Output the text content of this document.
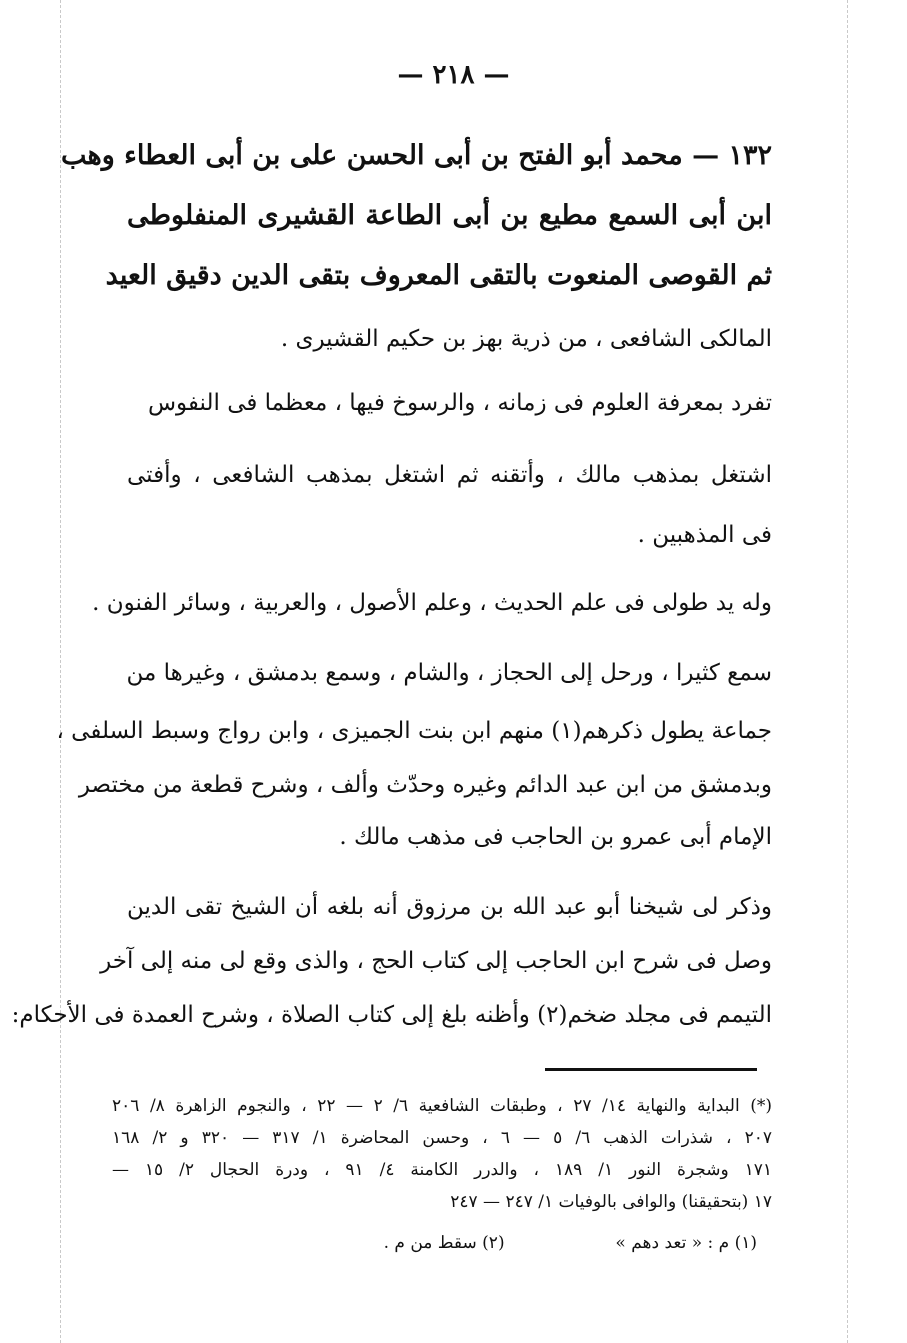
— ٢١٨ —
١٣٢ — محمد أبو الفتح بن أبى الحسن على بن أبى العطاء وهب
ابن أبى السمع مطيع بن أبى الطاعة القشيرى المنفلوطى
ثم القوصى المنعوت بالتقى المعروف بتقى الدين دقيق العيد
المالكى الشافعى ، من ذرية بهز بن حكيم القشيرى .
تفرد بمعرفة العلوم فى زمانه ، والرسوخ فيها ، معظما فى النفوس
اشتغل بمذهب مالك ، وأتقنه ثم اشتغل بمذهب الشافعى ، وأفتى
فى المذهبين .
وله يد طولى فى علم الحديث ، وعلم الأصول ، والعربية ، وسائر الفنون .
سمع كثيرا ، ورحل إلى الحجاز ، والشام ، وسمع بدمشق ، وغيرها من
جماعة يطول ذكرهم(١) منهم ابن بنت الجميزى ، وابن رواج وسبط السلفى ،
وبدمشق من ابن عبد الدائم وغيره وحدّث وألف ، وشرح قطعة من مختصر
الإمام أبى عمرو بن الحاجب فى مذهب مالك .
وذكر لى شيخنا أبو عبد الله بن مرزوق أنه بلغه أن الشيخ تقى الدين
وصل فى شرح ابن الحاجب إلى كتاب الحج ، والذى وقع لى منه إلى آخر
التيمم فى مجلد ضخم(٢) وأظنه بلغ إلى كتاب الصلاة ، وشرح العمدة فى الأحكام:
(*) البداية والنهاية ١٤/ ٢٧ ، وطبقات الشافعية ٦/ ٢ — ٢٢ ، والنجوم الزاهرة ٨/ ٢٠٦
٢٠٧ ، شذرات الذهب ٦/ ٥ — ٦ ، وحسن المحاضرة ١/ ٣١٧ — ٣٢٠ و ٢/ ١٦٨
١٧١ وشجرة النور ١/ ١٨٩ ، والدرر الكامنة ٤/ ٩١ ، ودرة الحجال ٢/ ١٥ —
١٧ (بتحقيقنا) والوافى بالوفيات ١/ ٢٤٧ — ٢٤٧
(١) م : « تعد دهم »  (٢) سقط من م .
